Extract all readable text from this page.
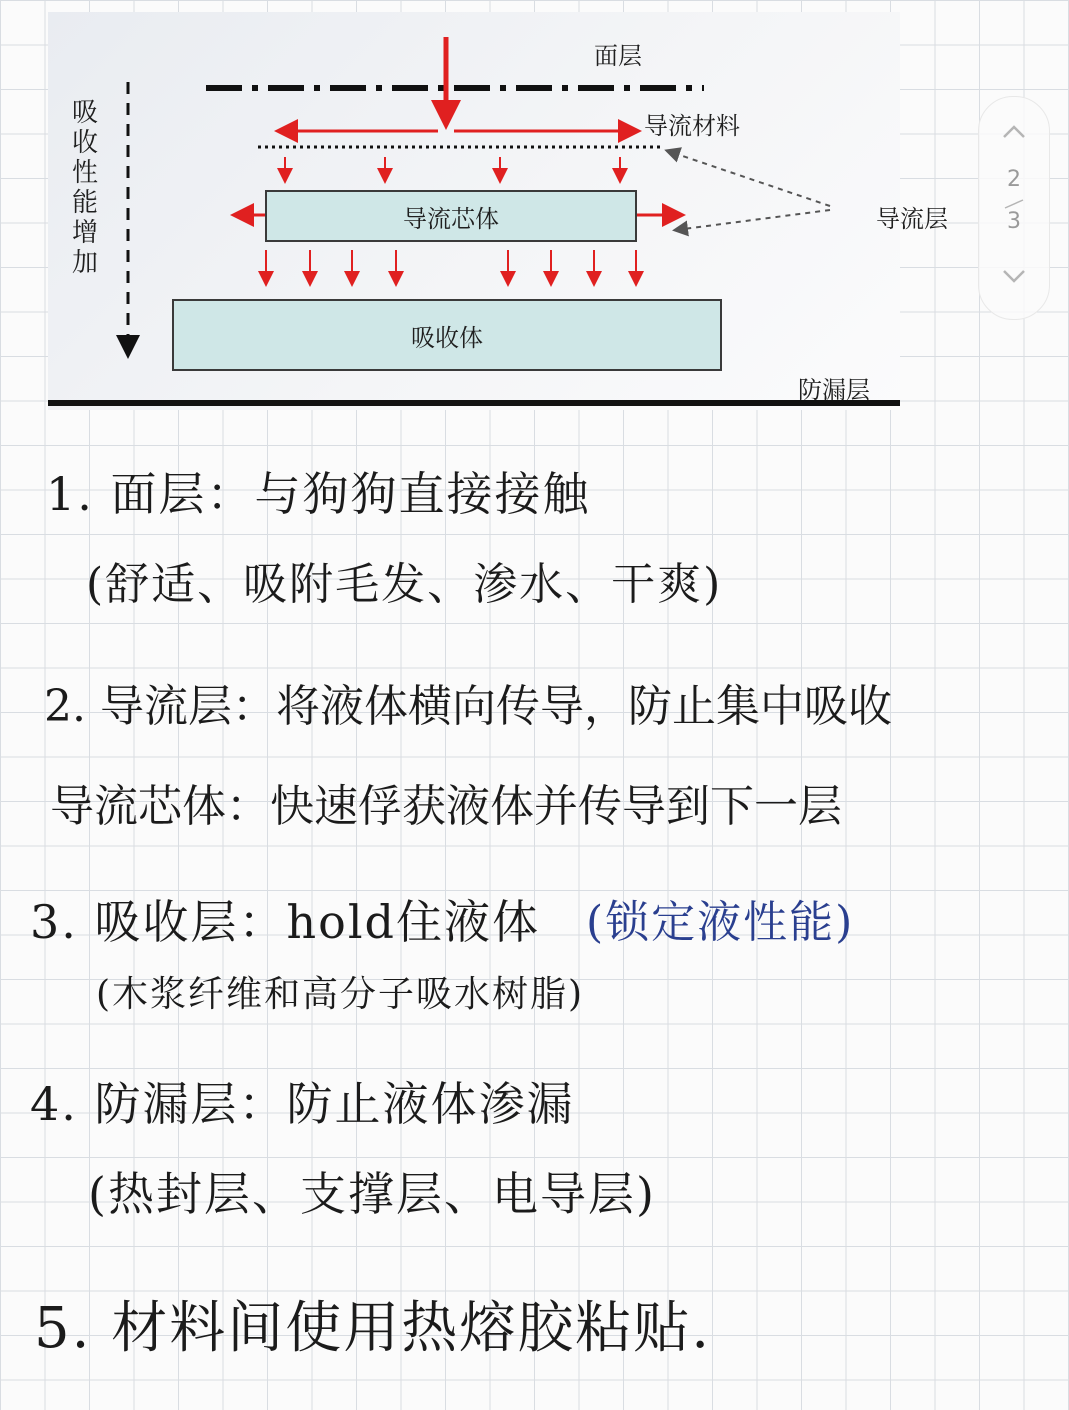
吸
收
性
能
增
加
面层
导流材料
导流芯体	导流层
吸收体
防漏层
2
3
1. 面层：与狗狗直接接触
(舒适、吸附毛发、渗水、干爽)
2. 导流层：将液体横向传导，防止集中吸收
导流芯体：快速俘获液体并传导到下一层
3. 吸收层：hold住液体 (锁定液性能)
(木浆纤维和高分子吸水树脂)
4. 防漏层：防止液体渗漏
(热封层、支撑层、电导层)
5. 材料间使用热熔胶粘贴.
